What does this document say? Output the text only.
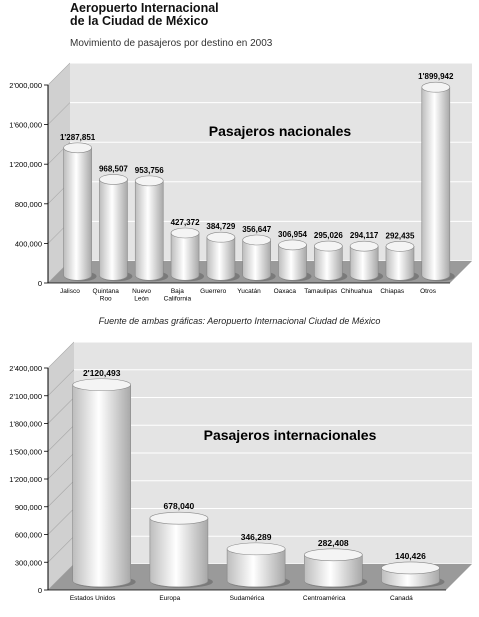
Aeropuerto Internacional
de la Ciudad de México
Movimiento de pasajeros por destino en 2003
0
400,000
800,000
1'200,000
1'600,000
2'000,000
Pasajeros nacionales
1'287,851
Jalisco
968,507
Quintana Roo
953,756
Nuevo León
427,372
Baja California
384,729
Guerrero
356,647
Yucatán
306,954
Oaxaca
295,026
Tamaulipas
294,117
Chihuahua
292,435
Chiapas
1'899,942
Otros
Fuente de ambas gráficas: Aeropuerto Internacional Ciudad de México
0
300,000
600,000
900,000
1'200,000
1'500,000
1'800,000
2'100,000
2'400,000
Pasajeros internacionales
2'120,493
Estados Unidos
678,040
Europa
346,289
Sudamérica
282,408
Centroamérica
140,426
Canadá
